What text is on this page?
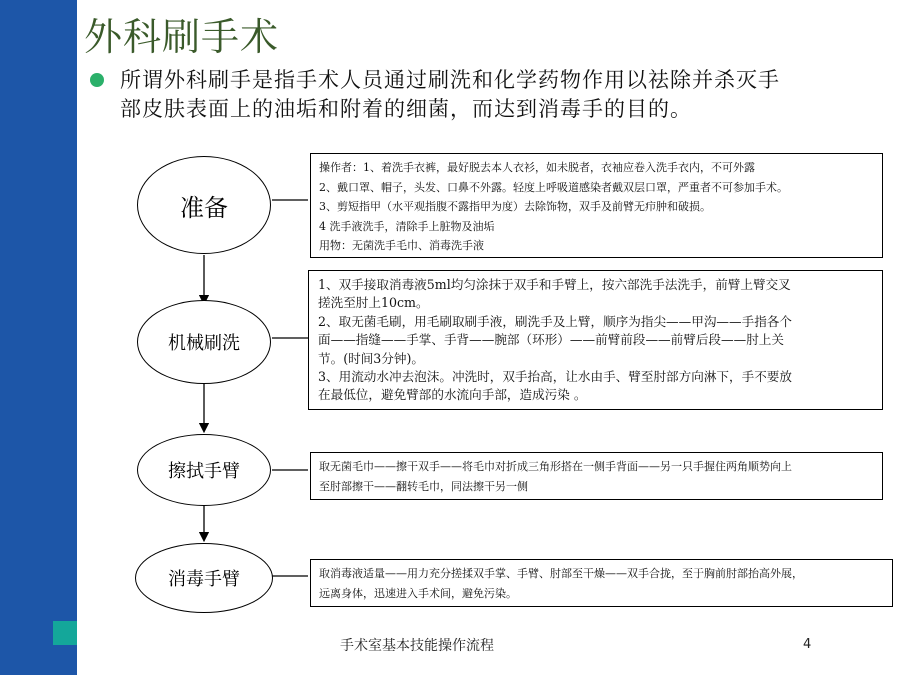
外科刷手术

所谓外科刷手是指手术人员通过刷洗和化学药物作用以祛除并杀灭手
部皮肤表面上的油垢和附着的细菌，而达到消毒手的目的。

准备
操作者：1、着洗手衣裤，最好脱去本人衣衫，如未脱者，衣袖应卷入洗手衣内，不可外露
2、戴口罩、帽子，头发、口鼻不外露。轻度上呼吸道感染者戴双层口罩，严重者不可参加手术。
3、剪短指甲（水平观指腹不露指甲为度）去除饰物，双手及前臂无疖肿和破损。
4 洗手液洗手，清除手上脏物及油垢
用物：无菌洗手毛巾、消毒洗手液
机械刷洗
1、双手接取消毒液5ml均匀涂抹于双手和手臂上，按六部洗手法洗手，前臂上臂交叉
搓洗至肘上10cm。
2、取无菌毛刷，用毛刷取刷手液，刷洗手及上臂，顺序为指尖——甲沟——手指各个
面——指缝——手掌、手背——腕部（环形）——前臂前段——前臂后段——肘上关
节。(时间3分钟)。
3、用流动水冲去泡沫。冲洗时，双手抬高，让水由手、臂至肘部方向淋下，手不要放
在最低位，避免臂部的水流向手部，造成污染 。
擦拭手臂	取无菌毛巾——擦干双手——将毛巾对折成三角形搭在一侧手背面——另一只手握住两角顺势向上
至肘部擦干——翻转毛巾，同法擦干另一侧
消毒手臂	取消毒液适量——用力充分搓揉双手掌、手臂、肘部至干燥——双手合拢，至于胸前肘部抬高外展，
远离身体，迅速进入手术间，避免污染。
手术室基本技能操作流程	4
